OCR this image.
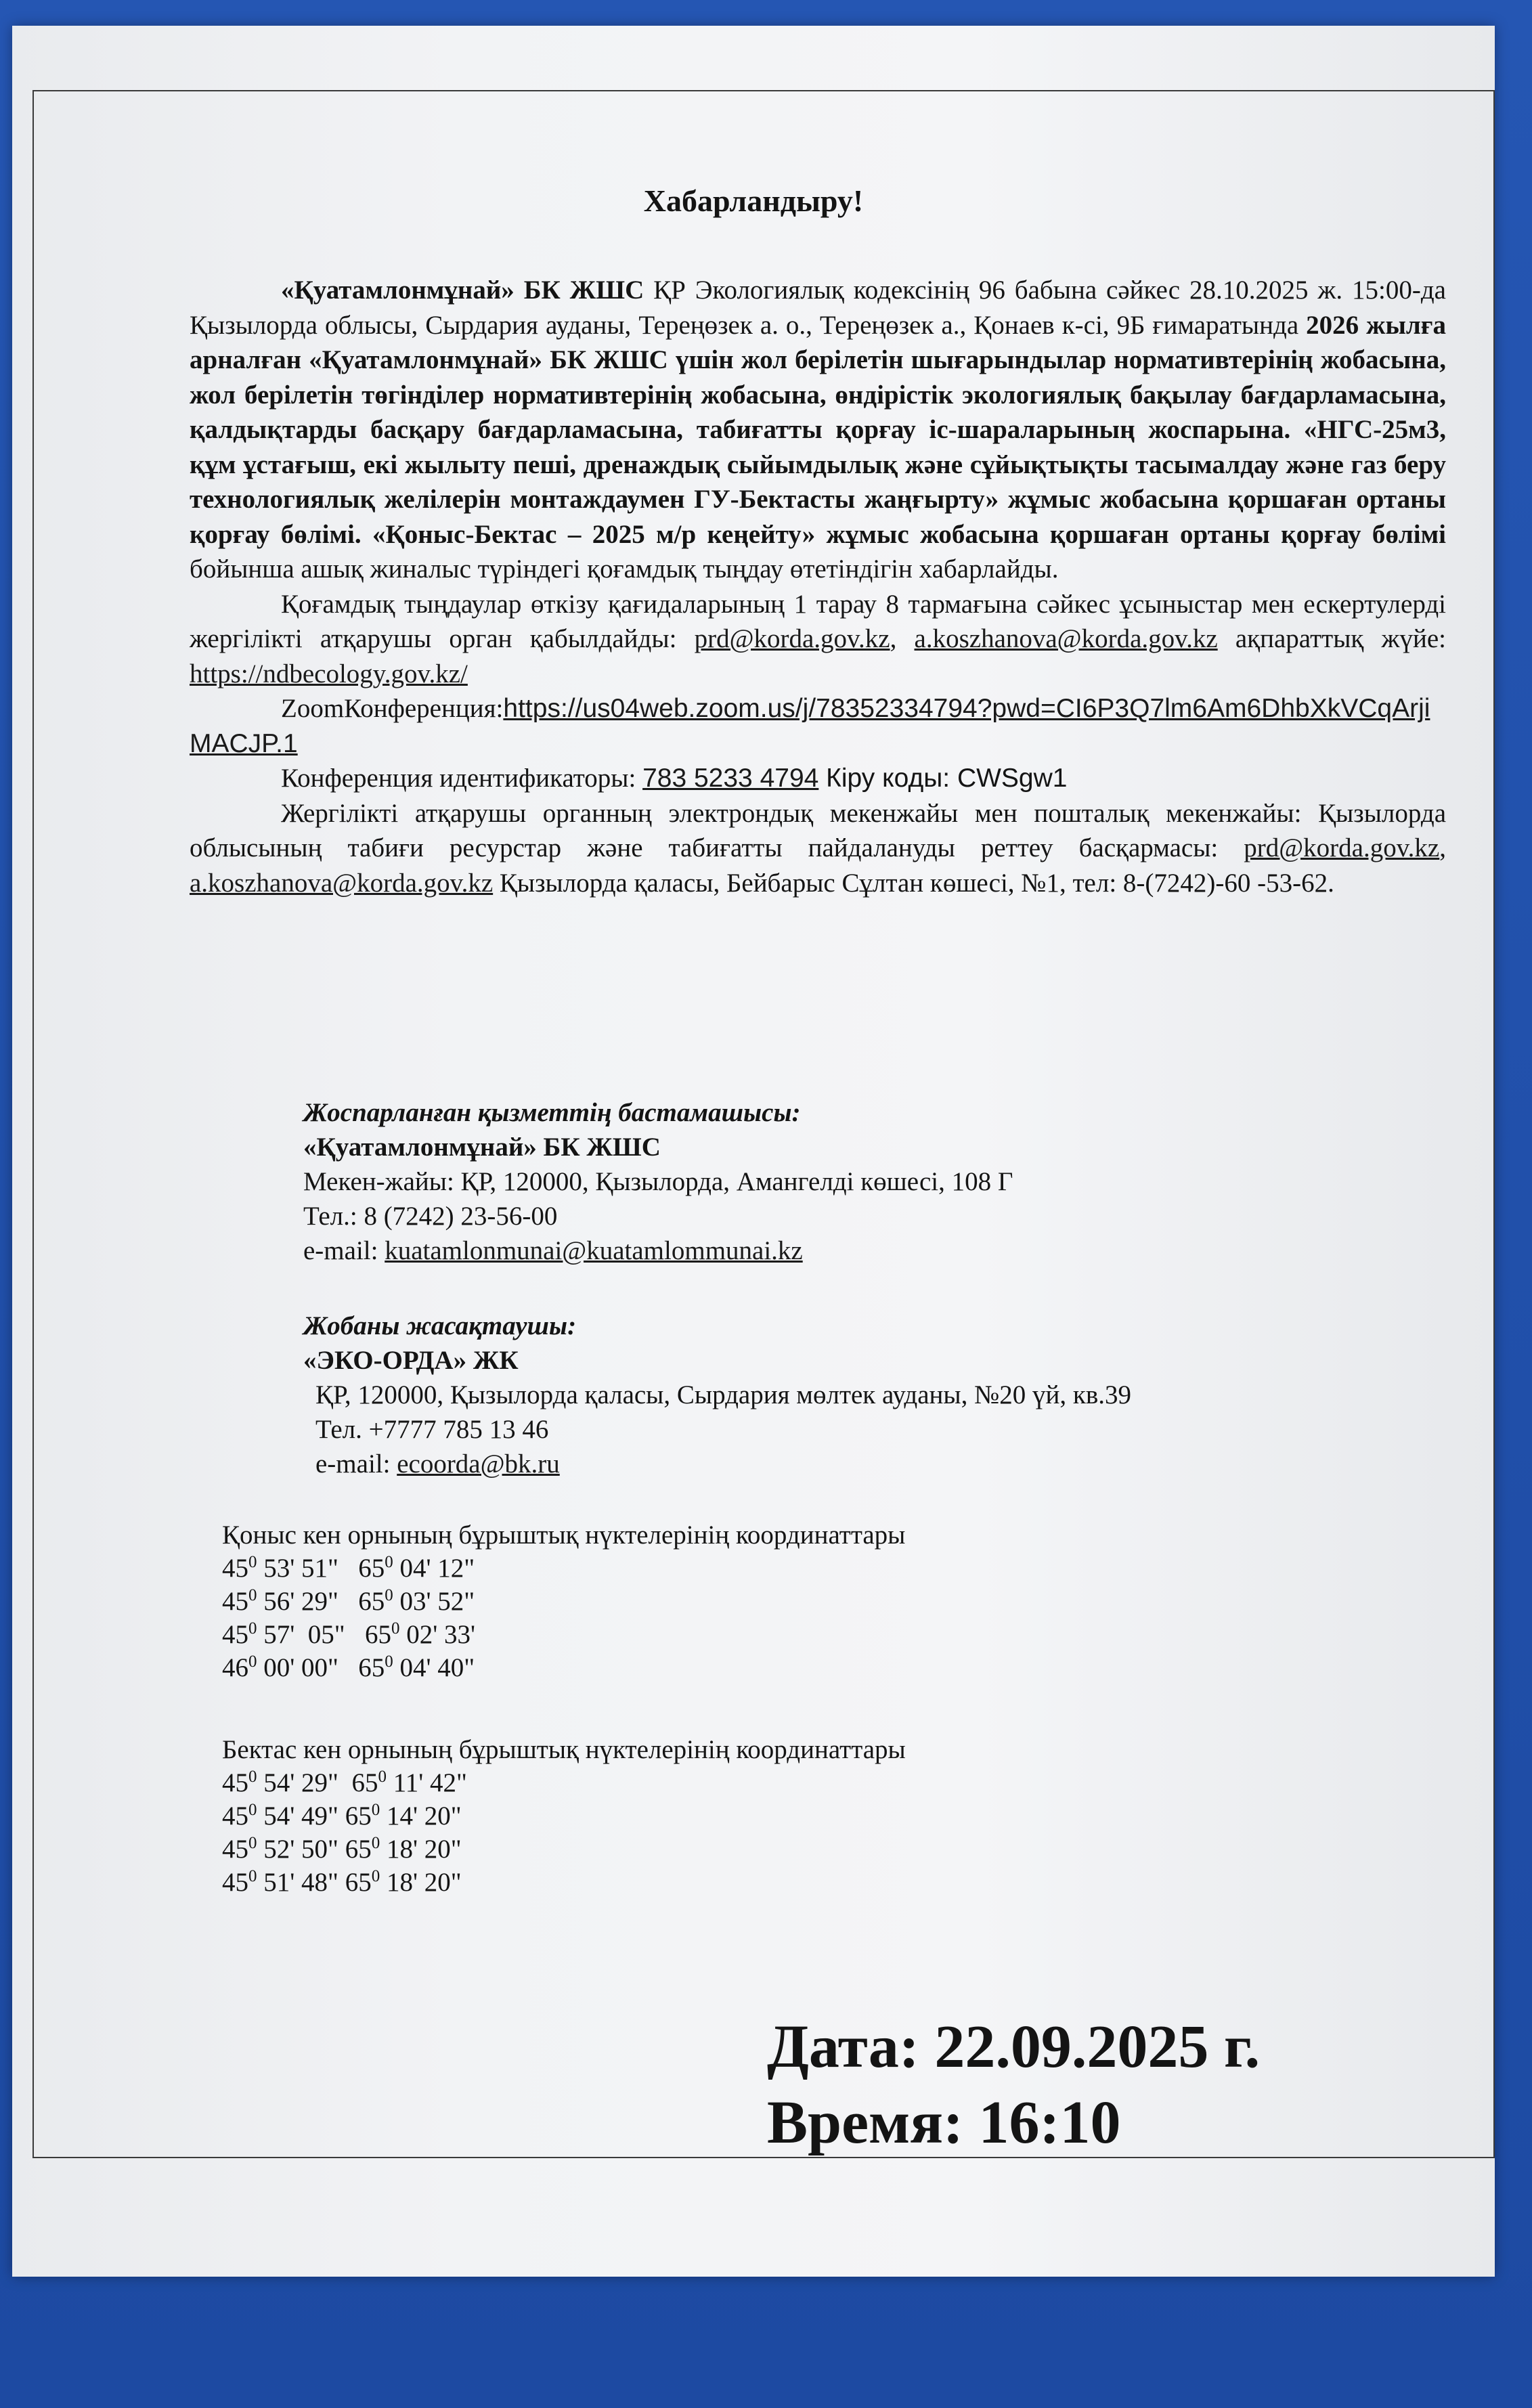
Хабарландыру!

«Қуатамлонмұнай» БК ЖШС ҚР Экологиялық кодексінің 96 бабына сәйкес 28.10.2025 ж. 15:00-да Қызылорда облысы, Сырдария ауданы, Тереңөзек а. о., Тереңөзек а., Қонаев к-сі, 9Б ғимаратында 2026 жылға арналған «Қуатамлонмұнай» БК ЖШС үшін жол берілетін шығарындылар нормативтерінің жобасына, жол берілетін төгінділер нормативтерінің жобасына, өндірістік экологиялық бақылау бағдарламасына, қалдықтарды басқару бағдарламасына, табиғатты қорғау іс-шараларының жоспарына. «НГС-25м3, құм ұстағыш, екі жылыту пеші, дренаждық сыйымдылық және сұйықтықты тасымалдау және газ беру технологиялық желілерін монтаждаумен ГУ-Бектасты жаңғырту» жұмыс жобасына қоршаған ортаны қорғау бөлімі. «Қоныс-Бектас – 2025 м/р кеңейту» жұмыс жобасына қоршаған ортаны қорғау бөлімі бойынша ашық жиналыс түріндегі қоғамдық тыңдау өтетіндігін хабарлайды.

Қоғамдық тыңдаулар өткізу қағидаларының 1 тарау 8 тармағына сәйкес ұсыныстар мен ескертулерді жергілікті атқарушы орган қабылдайды: prd@korda.gov.kz, a.koszhanova@korda.gov.kz ақпараттық жүйе: https://ndbecology.gov.kz/

ZoomКонференция:https://us04web.zoom.us/j/78352334794?pwd=CI6P3Q7lm6Am6DhbXkVCqArjiMACJP.1

Конференция идентификаторы: 783 5233 4794 Кіру коды: CWSgw1

Жергілікті атқарушы органның электрондық мекенжайы мен пошталық мекенжайы: Қызылорда облысының табиғи ресурстар және табиғатты пайдалануды реттеу басқармасы: prd@korda.gov.kz, a.koszhanova@korda.gov.kz Қызылорда қаласы, Бейбарыс Сұлтан көшесі, №1, тел: 8-(7242)-60 -53-62.

Жоспарланған қызметтің бастамашысы:
«Қуатамлонмұнай» БК ЖШС
Мекен-жайы: ҚР, 120000, Қызылорда, Амангелді көшесі, 108 Г
Тел.: 8 (7242) 23-56-00
e-mail: kuatamlonmunai@kuatamlommunai.kz
Жобаны жасақтаушы:
«ЭКО-ОРДА» ЖК
ҚР, 120000, Қызылорда қаласы, Сырдария мөлтек ауданы, №20 үй, кв.39
Тел. +7777 785 13 46
e-mail: ecoorda@bk.ru
Қоныс кен орнының бұрыштық нүктелерінің координаттары
$45^0$ 53' 51" $65^0$ 04' 12"
$45^0$ 56' 29" $65^0$ 03' 52"
$45^0$ 57'  05" $65^0$ 02' 33'
$46^0$ 00' 00" $65^0$ 04' 40"
Бектас кен орнының бұрыштық нүктелерінің координаттары
$45^0$ 54' 29" $65^0$ 11' 42"
$45^0$ 54' 49" $65^0$ 14' 20"
$45^0$ 52' 50" $65^0$ 18' 20"
$45^0$ 51' 48" $65^0$ 18' 20"
Дата: 22.09.2025 г.
Время: 16:10
